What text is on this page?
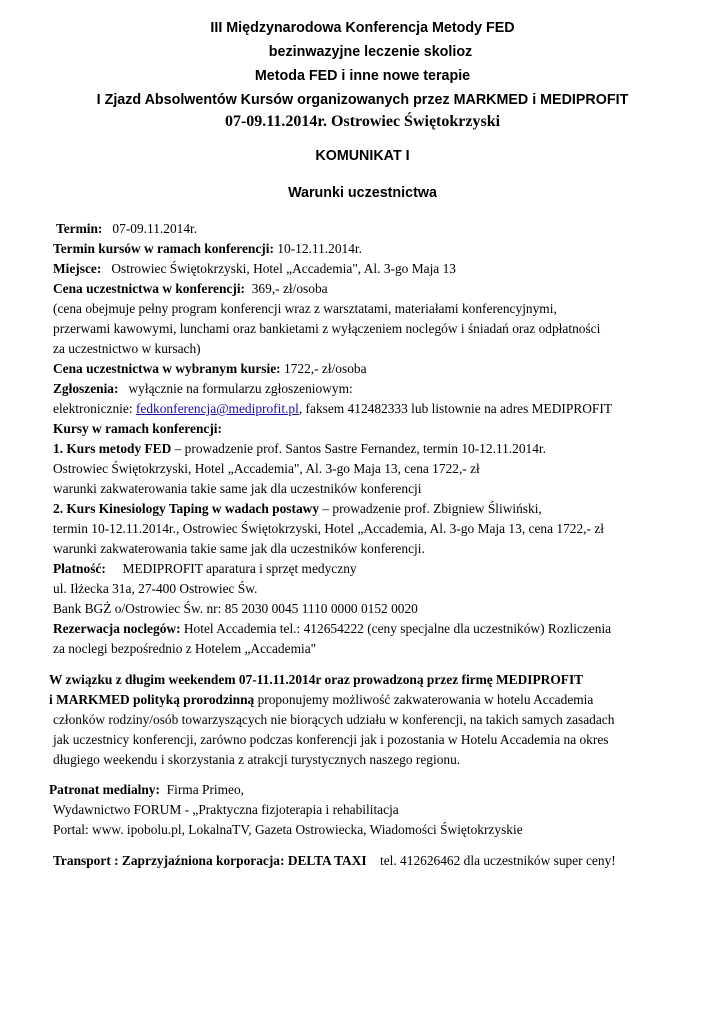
III Międzynarodowa Konferencja Metody FED
bezinwazyjne leczenie skolioz
Metoda FED i inne nowe terapie
I Zjazd Absolwentów Kursów organizowanych przez MARKMED i MEDIPROFIT
07-09.11.2014r. Ostrowiec Świętokrzyski
KOMUNIKAT I
Warunki uczestnictwa
Termin: 07-09.11.2014r.
Termin kursów w ramach konferencji: 10-12.11.2014r.
Miejsce: Ostrowiec Świętokrzyski, Hotel „Accademia", Al. 3-go Maja 13
Cena uczestnictwa w konferencji: 369,- zł/osoba
(cena obejmuje pełny program konferencji wraz z warsztatami, materiałami konferencyjnymi,
przerwami kawowymi, lunchami oraz bankietami z wyłączeniem noclegów i śniadań oraz odpłatności
za uczestnictwo w kursach)
Cena uczestnictwa w wybranym kursie: 1722,- zł/osoba
Zgłoszenia: wyłącznie na formularzu zgłoszeniowym:
elektronicznie: fedkonferencja@mediprofit.pl, faksem 412482333 lub listownie na adres MEDIPROFIT
Kursy w ramach konferencji:
1. Kurs metody FED – prowadzenie prof. Santos Sastre Fernandez, termin 10-12.11.2014r.
Ostrowiec Świętokrzyski, Hotel „Accademia", Al. 3-go Maja 13, cena 1722,- zł
warunki zakwaterowania takie same jak dla uczestników konferencji
2. Kurs Kinesiology Taping w wadach postawy – prowadzenie prof. Zbigniew Śliwiński,
termin 10-12.11.2014r., Ostrowiec Świętokrzyski, Hotel „Accademia, Al. 3-go Maja 13, cena 1722,- zł
warunki zakwaterowania takie same jak dla uczestników konferencji.
Płatność: MEDIPROFIT aparatura i sprzęt medyczny
ul. Iłżecka 31a, 27-400 Ostrowiec Św.
Bank BGŻ o/Ostrowiec Św. nr: 85 2030 0045 1110 0000 0152 0020
Rezerwacja noclegów: Hotel Accademia tel.: 412654222 (ceny specjalne dla uczestników) Rozliczenia
za noclegi bezpośrednio z Hotelem „Accademia"
W związku z długim weekendem 07-11.11.2014r oraz prowadzoną przez firmę MEDIPROFIT
i MARKMED polityką prorodzinną proponujemy możliwość zakwaterowania w hotelu Accademia
członków rodziny/osób towarzyszących nie biorących udziału w konferencji, na takich samych zasadach
jak uczestnicy konferencji, zarówno podczas konferencji jak i pozostania w Hotelu Accademia na okres
długiego weekendu i skorzystania z atrakcji turystycznych naszego regionu.
Patronat medialny: Firma Primeo,
Wydawnictwo FORUM - „Praktyczna fizjoterapia i rehabilitacja
Portal: www. ipobolu.pl, LokalnaTV, Gazeta Ostrowiecka, Wiadomości Świętokrzyskie
Transport : Zaprzyjaźniona korporacja: DELTA TAXI tel. 412626462 dla uczestników super ceny!
